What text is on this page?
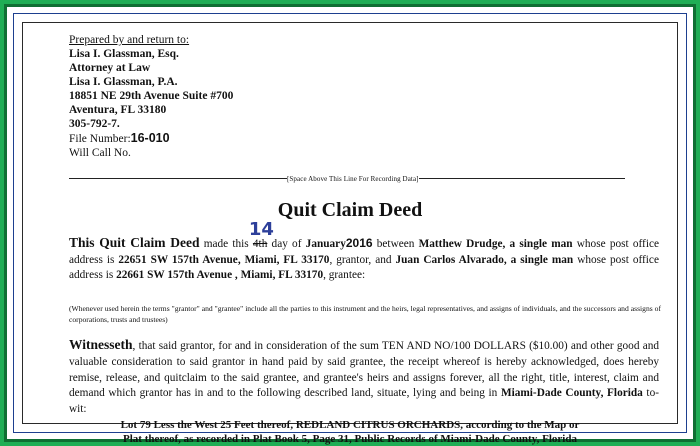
Prepared by and return to:
Lisa I. Glassman, Esq.
Attorney at Law
Lisa I. Glassman, P.A.
18851 NE 29th Avenue Suite #700
Aventura, FL 33180
305-792-7.
File Number:16-010
Will Call No.
[Space Above This Line For Recording Data]
Quit Claim Deed
This Quit Claim Deed made this
14
4th day of January2016 between Matthew Drudge, a single man whose post office address is 22651 SW 157th Avenue, Miami, FL 33170, grantor, and Juan Carlos Alvarado, a single man whose post office address is 22661 SW 157th Avenue , Miami, FL 33170, grantee:
(Whenever used herein the terms "grantor" and "grantee" include all the parties to this instrument and the heirs, legal representatives, and assigns of individuals, and the successors and assigns of corporations, trusts and trustees)
Witnesseth, that said grantor, for and in consideration of the sum TEN AND NO/100 DOLLARS ($10.00) and other good and valuable consideration to said grantor in hand paid by said grantee, the receipt whereof is hereby acknowledged, does hereby remise, release, and quitclaim to the said grantee, and grantee's heirs and assigns forever, all the right, title, interest, claim and demand which grantor has in and to the following described land, situate, lying and being in Miami-Dade County, Florida to-wit:
Lot 79 Less the West 25 Feet thereof, REDLAND CITRUS ORCHARDS, according to the Map or
Plat thereof, as recorded in Plat Book 5, Page 31, Public Records of Miami-Dade County, Florida
